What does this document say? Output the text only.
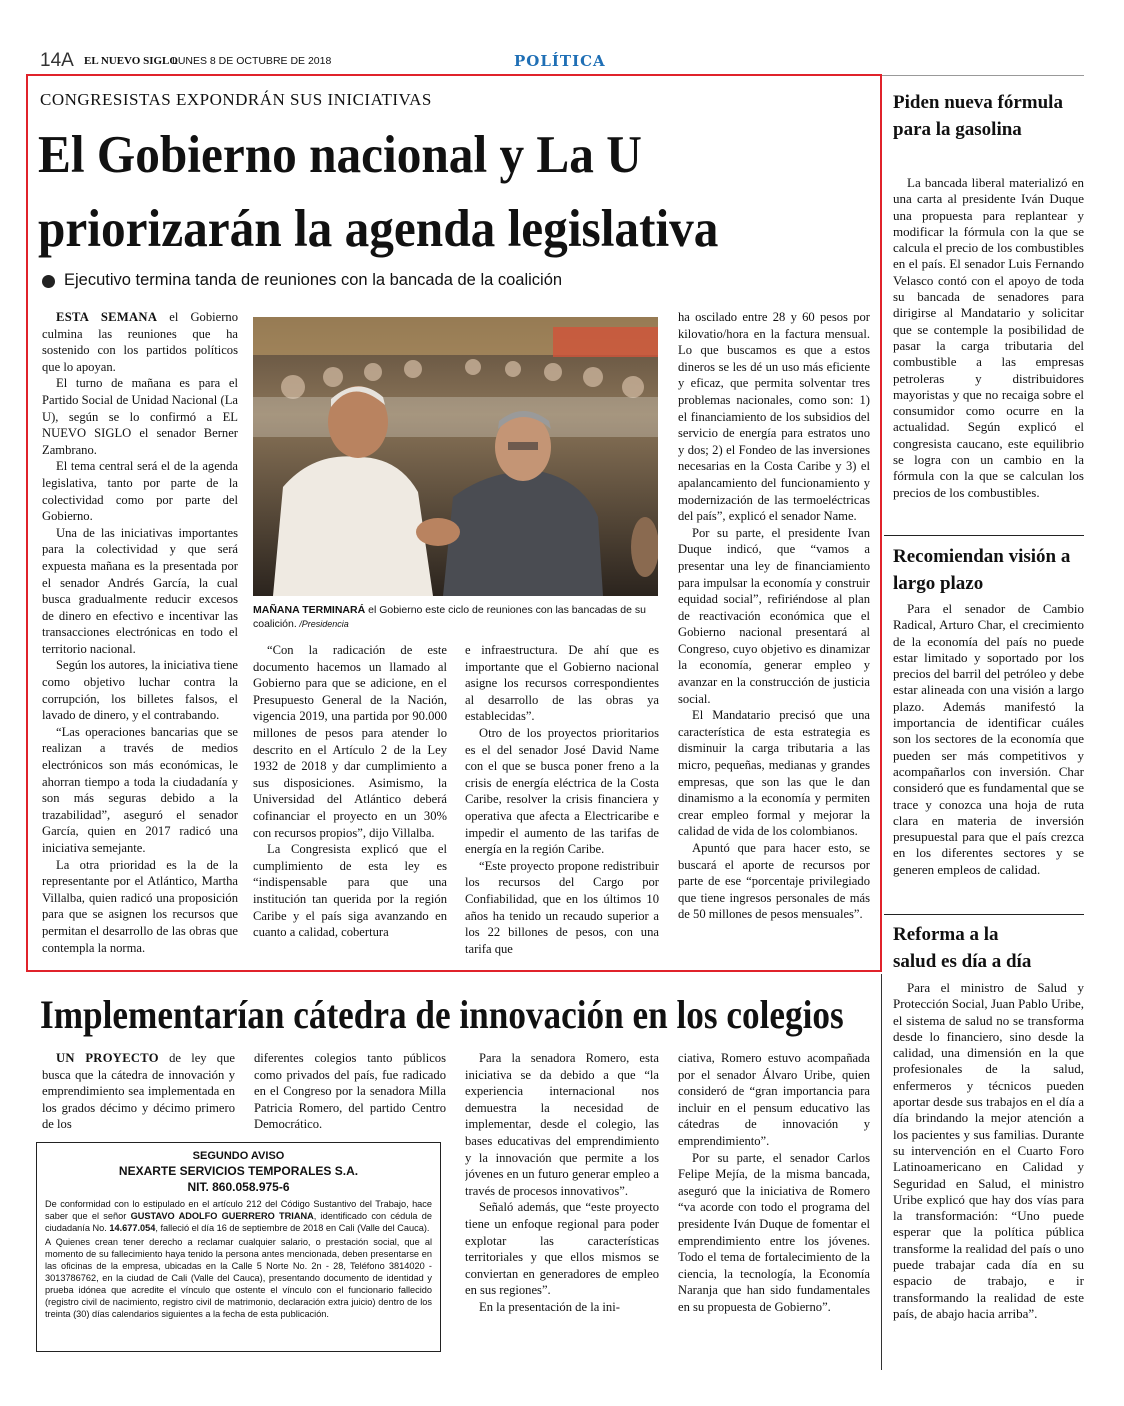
14A EL NUEVO SIGLO
LUNES 8 DE OCTUBRE DE 2018	POLÍTICA
CONGRESISTAS EXPONDRÁN SUS INICIATIVAS
El Gobierno nacional y La U
priorizarán la agenda legislativa
Ejecutivo termina tanda de reuniones con la bancada de la coalición

ESTA SEMANA el Gobierno culmina las reuniones que ha sostenido con los partidos políticos que lo apoyan.

El turno de mañana es para el Partido Social de Unidad Nacional (La U), según se lo confirmó a EL NUEVO SIGLO el senador Berner Zambrano.

El tema central será el de la agenda legislativa, tanto por parte de la colectividad como por parte del Gobierno.

Una de las iniciativas importantes para la colectividad y que será expuesta mañana es la presentada por el senador Andrés García, la cual busca gradualmente reducir excesos de dinero en efectivo e incentivar las transacciones electrónicas en todo el territorio nacional.

Según los autores, la iniciativa tiene como objetivo luchar contra la corrupción, los billetes falsos, el lavado de dinero, y el contrabando.

“Las operaciones bancarias que se realizan a través de medios electrónicos son más económicas, le ahorran tiempo a toda la ciudadanía y son más seguras debido a la trazabilidad”, aseguró el senador García, quien en 2017 radicó una iniciativa semejante.

La otra prioridad es la de la representante por el Atlántico, Martha Villalba, quien radicó una proposición para que se asignen los recursos que permitan el desarrollo de las obras que contempla la norma.

MAÑANA TERMINARÁ el Gobierno este ciclo de reuniones con las bancadas de su coalición. /Presidencia

“Con la radicación de este documento hacemos un llamado al Gobierno para que se adicione, en el Presupuesto General de la Nación, vigencia 2019, una partida por 90.000 millones de pesos para atender lo descrito en el Artículo 2 de la Ley 1932 de 2018 y dar cumplimiento a sus disposiciones. Asimismo, la Universidad del Atlántico deberá cofinanciar el proyecto en un 30% con recursos propios”, dijo Villalba.

La Congresista explicó que el cumplimiento de esta ley es “indispensable para que una institución tan querida por la región Caribe y el país siga avanzando en cuanto a calidad, cobertura

e infraestructura. De ahí que es importante que el Gobierno nacional asigne los recursos correspondientes al desarrollo de las obras ya establecidas”.

Otro de los proyectos prioritarios es el del senador José David Name con el que se busca poner freno a la crisis de energía eléctrica de la Costa Caribe, resolver la crisis financiera y operativa que afecta a Electricaribe e impedir el aumento de las tarifas de energía en la región Caribe.

“Este proyecto propone redistribuir los recursos del Cargo por Confiabilidad, que en los últimos 10 años ha tenido un recaudo superior a los 22 billones de pesos, con una tarifa que

ha oscilado entre 28 y 60 pesos por kilovatio/hora en la factura mensual. Lo que buscamos es que a estos dineros se les dé un uso más eficiente y eficaz, que permita solventar tres problemas nacionales, como son: 1) el financiamiento de los subsidios del servicio de energía para estratos uno y dos; 2) el Fondeo de las inversiones necesarias en la Costa Caribe y 3) el apalancamiento del funcionamiento y modernización de las termoeléctricas del país”, explicó el senador Name.

Por su parte, el presidente Ivan Duque indicó, que “vamos a presentar una ley de financiamiento para impulsar la economía y construir equidad social”, refiriéndose al plan de reactivación económica que el Gobierno nacional presentará al Congreso, cuyo objetivo es dinamizar la economía, generar empleo y avanzar en la construcción de justicia social.

El Mandatario precisó que una característica de esta estrategia es disminuir la carga tributaria a las micro, pequeñas, medianas y grandes empresas, que son las que le dan dinamismo a la economía y permiten crear empleo formal y mejorar la calidad de vida de los colombianos.

Apuntó que para hacer esto, se buscará el aporte de recursos por parte de ese “porcentaje privilegiado que tiene ingresos personales de más de 50 millones de pesos mensuales”.

Piden nueva fórmula para la gasolina

La bancada liberal materializó en una carta al presidente Iván Duque una propuesta para replantear y modificar la fórmula con la que se calcula el precio de los combustibles en el país. El senador Luis Fernando Velasco contó con el apoyo de toda su bancada de senadores para dirigirse al Mandatario y solicitar que se contemple la posibilidad de pasar la carga tributaria del combustible a las empresas petroleras y distribuidores mayoristas y que no recaiga sobre el consumidor como ocurre en la actualidad. Según explicó el congresista caucano, este equilibrio se logra con un cambio en la fórmula con la que se calculan los precios de los combustibles.

Recomiendan visión a largo plazo

Para el senador de Cambio Radical, Arturo Char, el crecimiento de la economía del país no puede estar limitado y soportado por los precios del barril del petróleo y debe estar alineada con una visión a largo plazo. Además manifestó la importancia de identificar cuáles son los sectores de la economía que pueden ser más competitivos y acompañarlos con inversión. Char consideró que es fundamental que se trace y conozca una hoja de ruta clara en materia de inversión presupuestal para que el país crezca en los diferentes sectores y se generen empleos de calidad.

Reforma a la salud es día a día

Para el ministro de Salud y Protección Social, Juan Pablo Uribe, el sistema de salud no se transforma desde lo financiero, sino desde la calidad, una dimensión en la que profesionales de la salud, enfermeros y técnicos pueden aportar desde sus trabajos en el día a día brindando la mejor atención a los pacientes y sus familias. Durante su intervención en el Cuarto Foro Latinoamericano en Calidad y Seguridad en Salud, el ministro Uribe explicó que hay dos vías para la transformación: “Uno puede esperar que la política pública transforme la realidad del país o uno puede trabajar cada día en su espacio de trabajo, e ir transformando la realidad de este país, de abajo hacia arriba”.

Implementarían cátedra de innovación en los colegios

UN PROYECTO de ley que busca que la cátedra de innovación y emprendimiento sea implementada en los grados décimo y décimo primero de los

diferentes colegios tanto públicos como privados del país, fue radicado en el Congreso por la senadora Milla Patricia Romero, del partido Centro Democrático.

Para la senadora Romero, esta iniciativa se da debido a que “la experiencia internacional nos demuestra la necesidad de implementar, desde el colegio, las bases educativas del emprendimiento y la innovación que permite a los jóvenes en un futuro generar empleo a través de procesos innovativos”.

Señaló además, que “este proyecto tiene un enfoque regional para poder explotar las características territoriales y que ellos mismos se conviertan en generadores de empleo en sus regiones”.

En la presentación de la ini-

ciativa, Romero estuvo acompañada por el senador Álvaro Uribe, quien consideró de “gran importancia para incluir en el pensum educativo las cátedras de innovación y emprendimiento”.

Por su parte, el senador Carlos Felipe Mejía, de la misma bancada, aseguró que la iniciativa de Romero “va acorde con todo el programa del presidente Iván Duque de fomentar el emprendimiento entre los jóvenes. Todo el tema de fortalecimiento de la ciencia, la tecnología, la Economía Naranja que han sido fundamentales en su propuesta de Gobierno”.

SEGUNDO AVISO
NEXARTE SERVICIOS TEMPORALES S.A.
NIT. 860.058.975-6
De conformidad con lo estipulado en el artículo 212 del Código Sustantivo del Trabajo, hace saber que el señor GUSTAVO ADOLFO GUERRERO TRIANA, identificado con cédula de ciudadanía No. 14.677.054, falleció el día 16 de septiembre de 2018 en Cali (Valle del Cauca).
A Quienes crean tener derecho a reclamar cualquier salario, o prestación social, que al momento de su fallecimiento haya tenido la persona antes mencionada, deben presentarse en las oficinas de la empresa, ubicadas en la Calle 5 Norte No. 2n - 28, Teléfono 3814020 - 3013786762, en la ciudad de Cali (Valle del Cauca), presentando documento de identidad y prueba idónea que acredite el vínculo que ostente el vínculo con el funcionario fallecido (registro civil de nacimiento, registro civil de matrimonio, declaración extra juicio) dentro de los treinta (30) días calendarios siguientes a la fecha de esta publicación.
